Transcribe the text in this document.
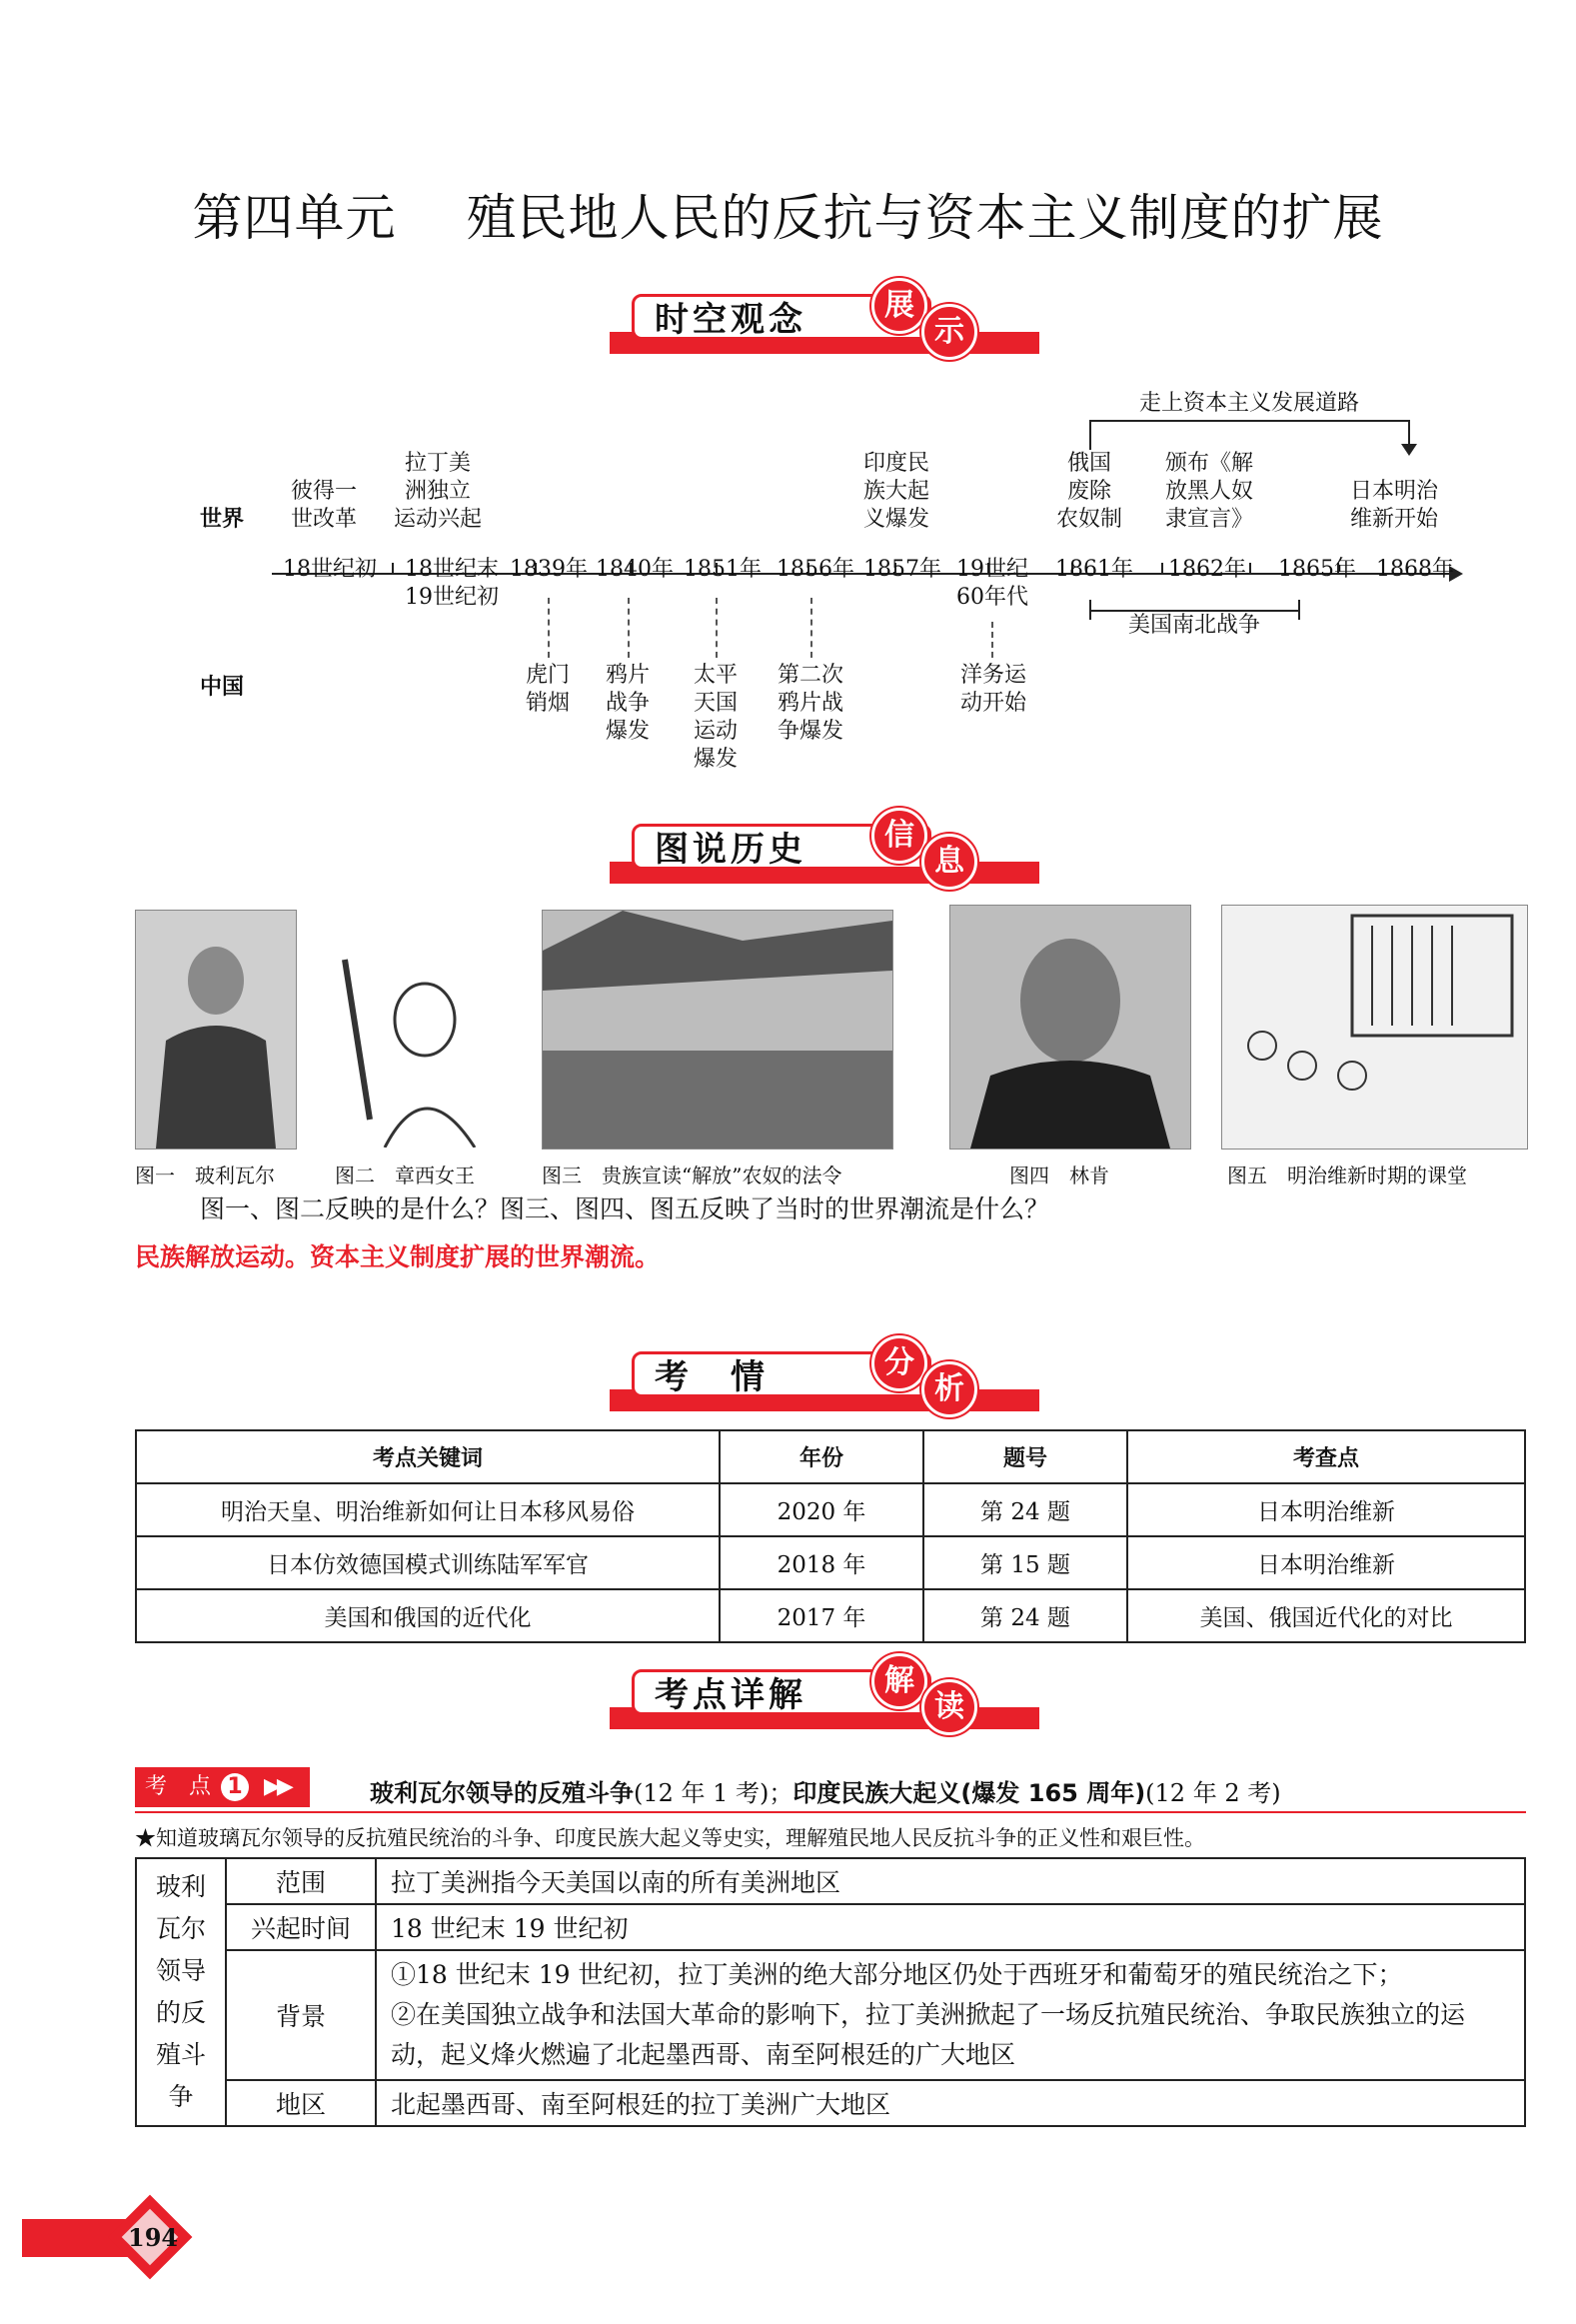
第四单元 殖民地人民的反抗与资本主义制度的扩展
时空观念	展
示
世界
中国
走上资本主义发展道路
美国南北战争
18世纪初	18世纪末
19世纪初
1839年 1840年 1851年 1856年 1857年 19世纪
60年代
1861年 1862年 1865年 1868年
彼得一
世改革
拉丁美
洲独立
运动兴起
印度民
族大起
义爆发
俄国
废除
农奴制
颁布《解
放黑人奴
隶宣言》
日本明治
维新开始
虎门
销烟
鸦片
战争
爆发
太平
天国
运动
爆发
第二次
鸦片战
争爆发
洋务运
动开始
图说历史	信
息
图一　玻利瓦尔	图二　章西女王	图三　贵族宣读“解放”农奴的法令	图四　林肯	图五　明治维新时期的课堂
图一、图二反映的是什么？图三、图四、图五反映了当时的世界潮流是什么？
民族解放运动。资本主义制度扩展的世界潮流。
考　情	分
析
考点关键词	年份	题号	考查点
明治天皇、明治维新如何让日本移风易俗	2020 年	第 24 题	日本明治维新
日本仿效德国模式训练陆军军官	2018 年	第 15 题	日本明治维新
美国和俄国的近代化	2017 年	第 24 题	美国、俄国近代化的对比
考点详解	解
读
考　点 1 ▶▶	玻利瓦尔领导的反殖斗争(12 年 1 考)；印度民族大起义(爆发 165 周年)(12 年 2 考)
★知道玻璃瓦尔领导的反抗殖民统治的斗争、印度民族大起义等史实，理解殖民地人民反抗斗争的正义性和艰巨性。
玻利瓦尔领导的反殖斗争	范围	拉丁美洲指今天美国以南的所有美洲地区
	兴起时间	18 世纪末 19 世纪初
	背景	①18 世纪末 19 世纪初，拉丁美洲的绝大部分地区仍处于西班牙和葡萄牙的殖民统治之下；
②在美国独立战争和法国大革命的影响下，拉丁美洲掀起了一场反抗殖民统治、争取民族独立的运动，起义烽火燃遍了北起墨西哥、南至阿根廷的广大地区
	地区	北起墨西哥、南至阿根廷的拉丁美洲广大地区
194
